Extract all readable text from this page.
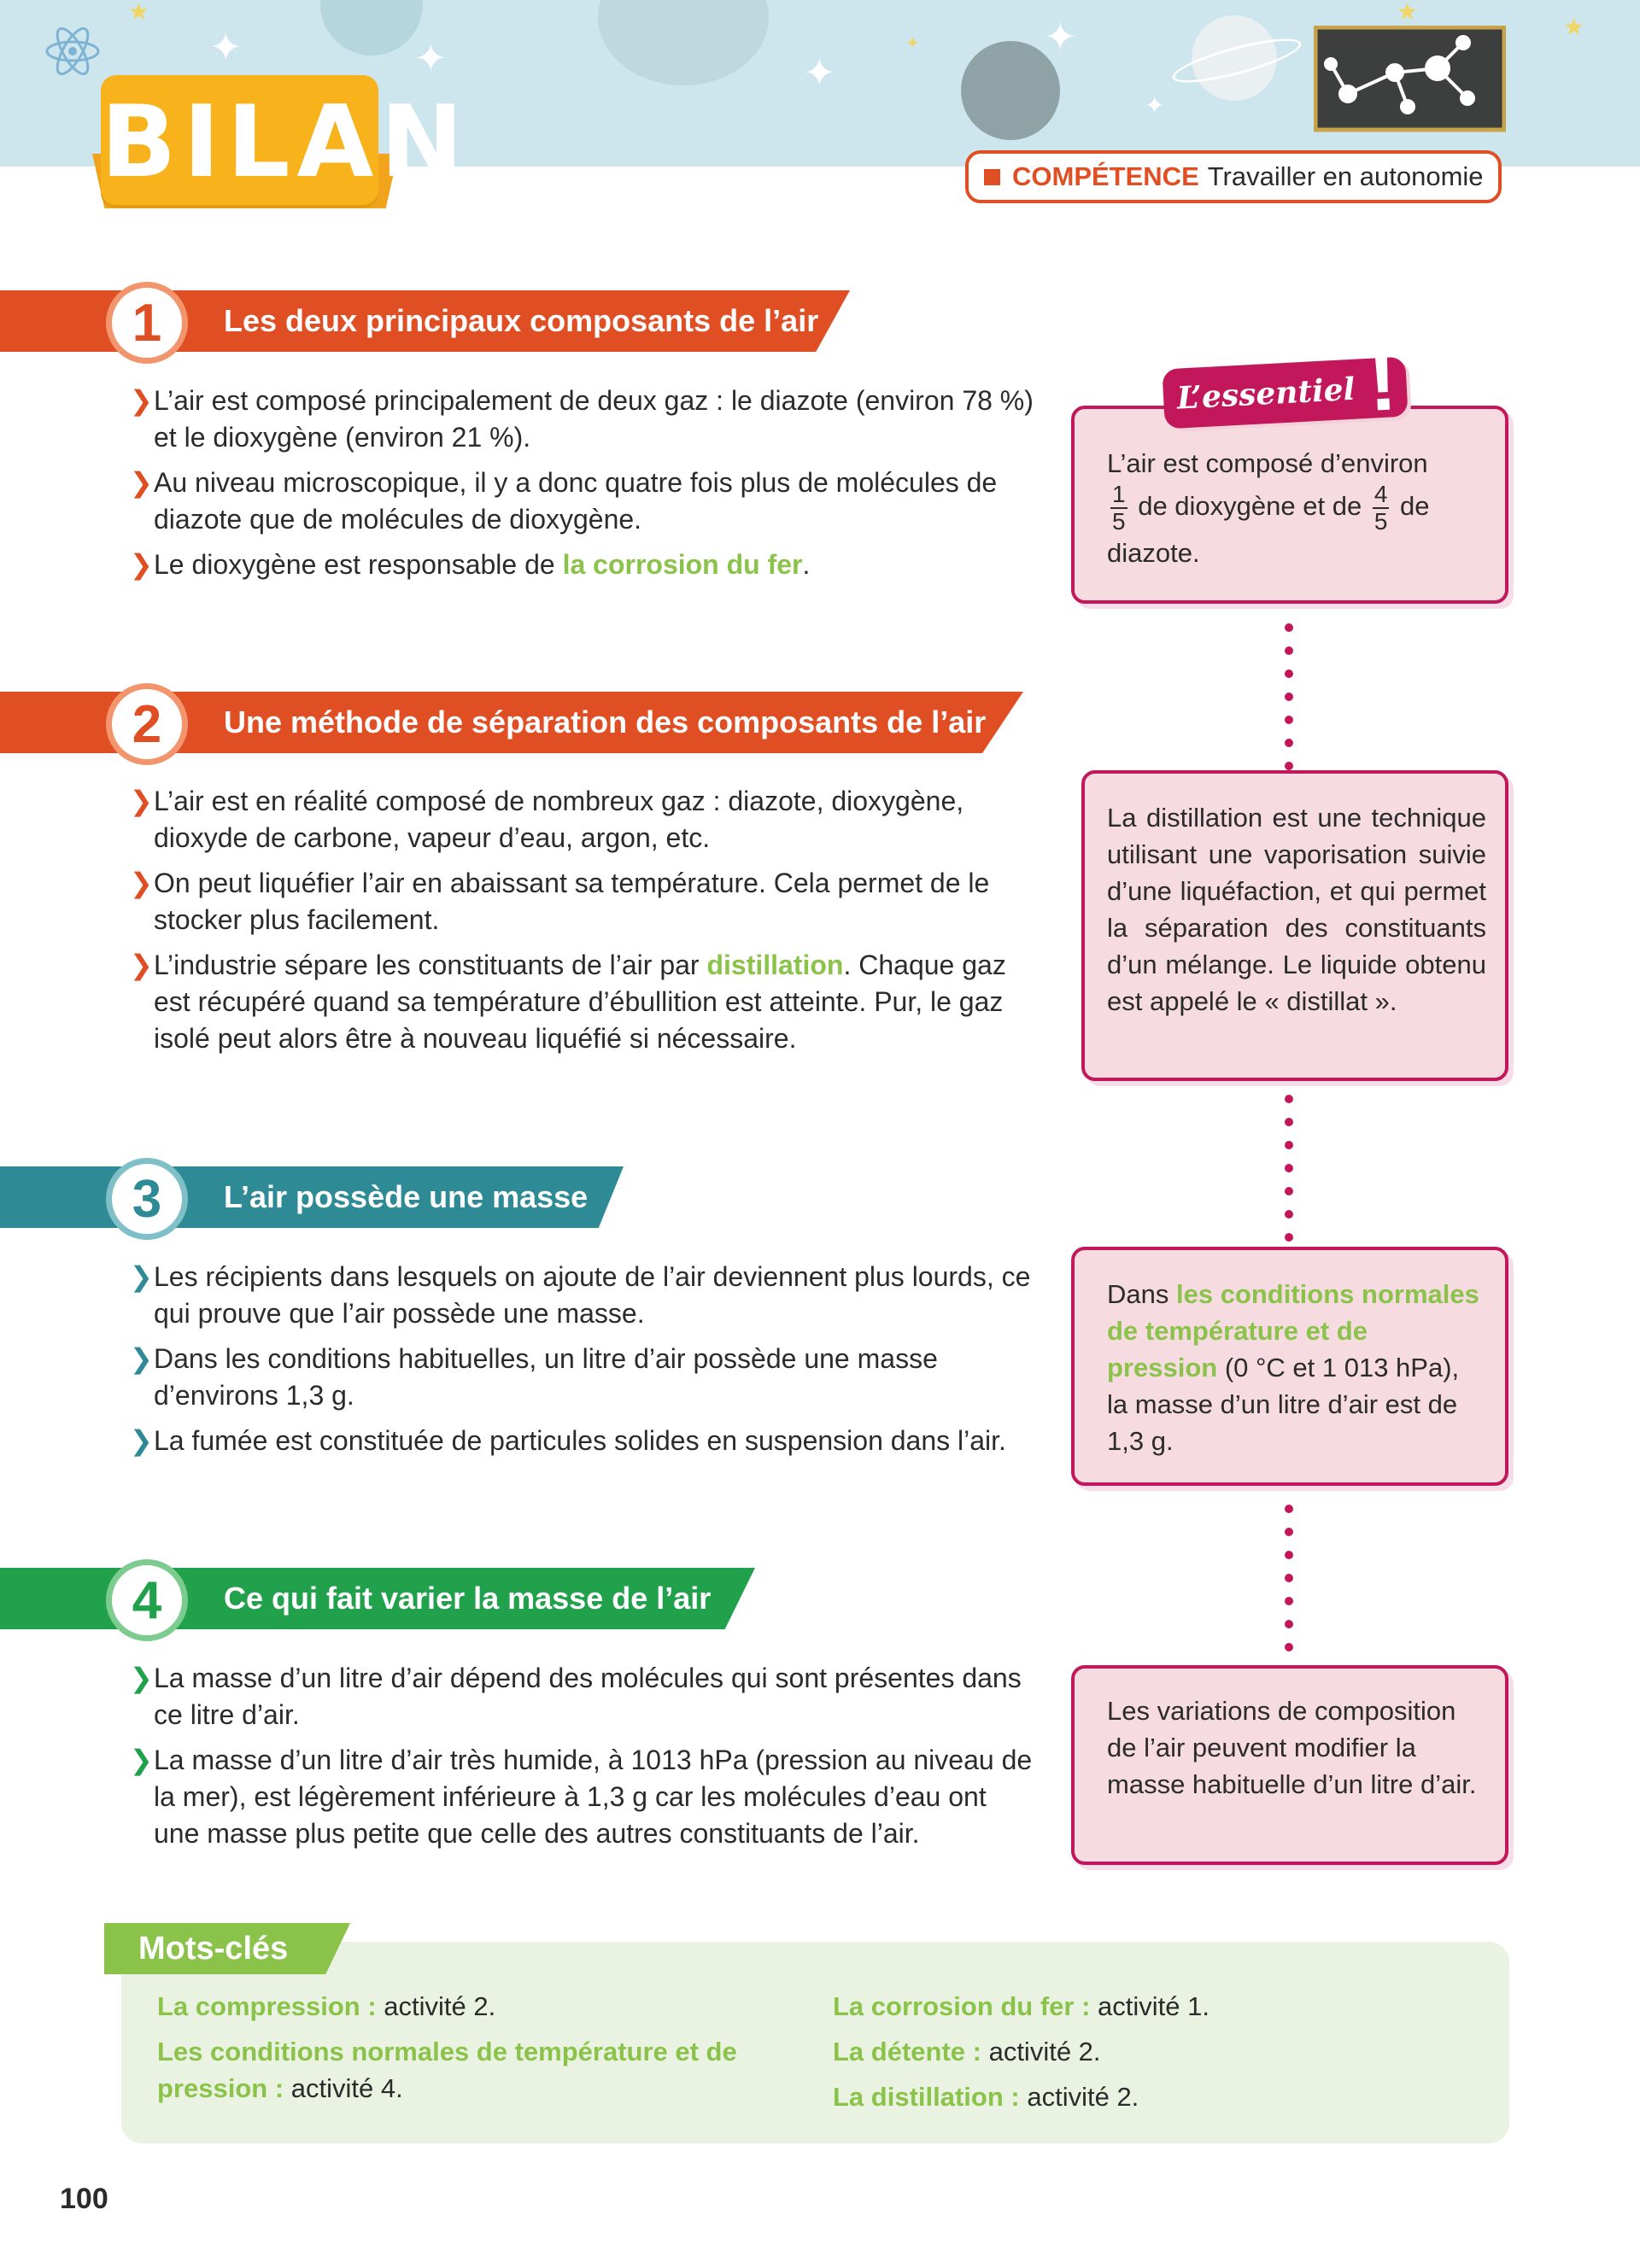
✦	✦	✦
✦
✦
★
✦
★
★
BILAN	COMPÉTENCE Travailler en autonomie
1	Les deux principaux composants de l’air
❯ L’air est composé principalement de deux gaz : le diazote (environ 78 %) et le dioxygène (environ 21 %).
❯ Au niveau microscopique, il y a donc quatre fois plus de molécules de diazote que de molécules de dioxygène.
❯ Le dioxygène est responsable de la corrosion du fer.
2	Une méthode de séparation des composants de l’air
❯ L’air est en réalité composé de nombreux gaz : diazote, dioxygène, dioxyde de carbone, vapeur d’eau, argon, etc.
❯ On peut liquéfier l’air en abaissant sa température. Cela permet de le stocker plus facilement.
❯ L’industrie sépare les constituants de l’air par distillation. Chaque gaz est récupéré quand sa température d’ébullition est atteinte. Pur, le gaz isolé peut alors être à nouveau liquéfié si nécessaire.
3	L’air possède une masse
❯ Les récipients dans lesquels on ajoute de l’air deviennent plus lourds, ce qui prouve que l’air possède une masse.
❯ Dans les conditions habituelles, un litre d’air possède une masse d’environs 1,3 g.
❯ La fumée est constituée de particules solides en suspension dans l’air.
4	Ce qui fait varier la masse de l’air
❯ La masse d’un litre d’air dépend des molécules qui sont présentes dans ce litre d’air.
❯ La masse d’un litre d’air très humide, à 1013 hPa (pression au niveau de la mer), est légèrement inférieure à 1,3 g car les molécules d’eau ont une masse plus petite que celle des autres constituants de l’air.
L’air est composé d’environ
$\frac{1}{5}$ de dioxygène et de $\frac{4}{5}$ de
diazote.
L’essentiel !
La distillation est une technique utilisant une vaporisation suivie d’une liquéfaction, et qui permet la séparation des constituants d’un mélange. Le liquide obtenu est appelé le « distillat ».
Dans les conditions normales de température et de pression (0 °C et 1 013 hPa), la masse d’un litre d’air est de 1,3 g.
Les variations de composition de l’air peuvent modifier la masse habituelle d’un litre d’air.
Mots-clés
La compression : activité 2.
Les conditions normales de température et de pression : activité 4.
La corrosion du fer : activité 1.
La détente : activité 2.
La distillation : activité 2.
100
